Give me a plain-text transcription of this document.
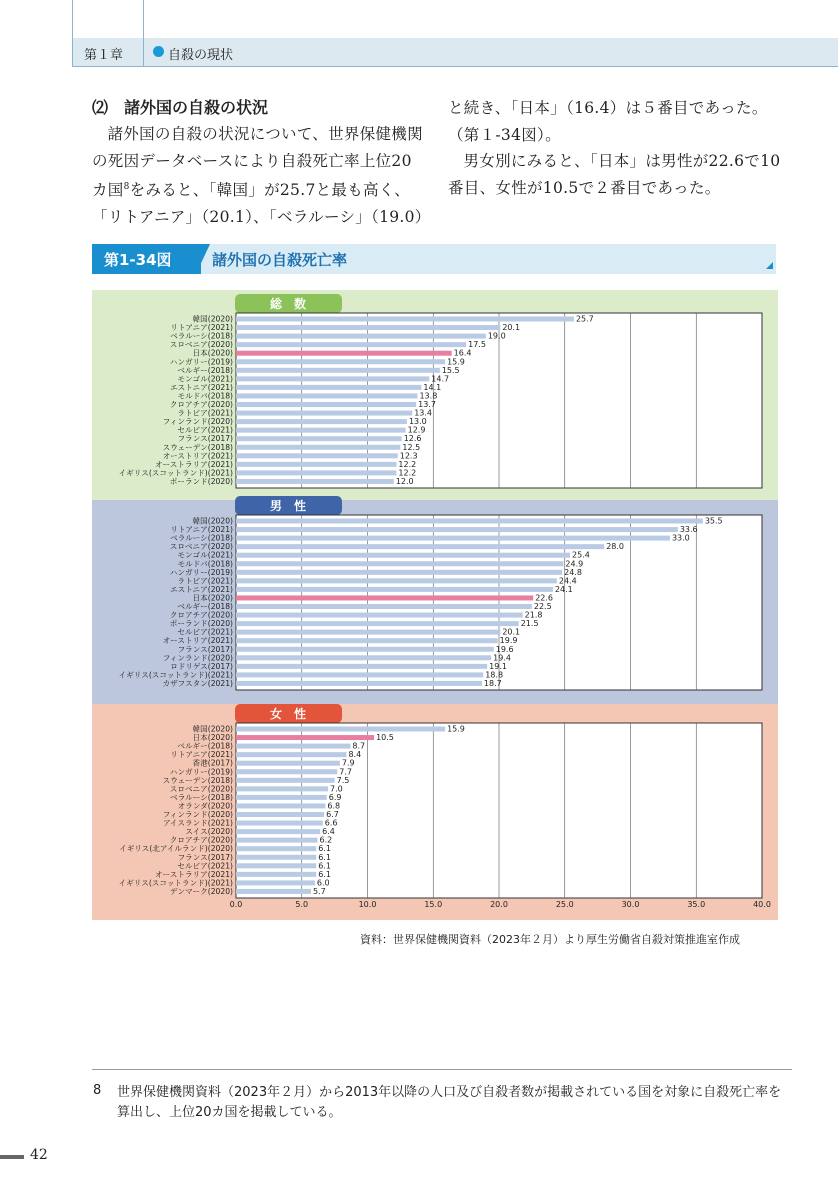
第１章	自殺の現状
⑵　諸外国の自殺の状況

諸外国の自殺の状況について、世界保健機関の死因データベースにより自殺死亡率上位20カ国$^8$をみると、「韓国」が25.7と最も高く、「リトアニア」（20.1）、「ベラルーシ」（19.0）

と続き、「日本」（16.4）は５番目であった。（第１-34図）。

男女別にみると、「日本」は男性が22.6で10番目、女性が10.5で２番目であった。

第1-34図	諸外国の自殺死亡率
総　数
25.7
韓国(2020)
20.1
リトアニア(2021)
19.0
ベラルーシ(2018)
17.5
スロベニア(2020)
16.4
日本(2020)
15.9
ハンガリー(2019)
15.5
ベルギー(2018)
14.7
モンゴル(2021)
14.1
エストニア(2021)
13.8
モルドバ(2018)
13.7
クロアチア(2020)
13.4
ラトビア(2021)
13.0
フィンランド(2020)
12.9
セルビア(2021)
12.6
フランス(2017)
12.5
スウェーデン(2018)
12.3
オーストリア(2021)
12.2
オーストラリア(2021)
12.2
イギリス(スコットランド)(2021)
12.0
ポーランド(2020)
男　性
35.5
韓国(2020)
33.6
リトアニア(2021)
33.0
ベラルーシ(2018)
28.0
スロベニア(2020)
25.4
モンゴル(2021)
24.9
モルドバ(2018)
24.8
ハンガリー(2019)
24.4
ラトビア(2021)
24.1
エストニア(2021)
22.6
日本(2020)
22.5
ベルギー(2018)
21.8
クロアチア(2020)
21.5
ポーランド(2020)
20.1
セルビア(2021)
19.9
オーストリア(2021)
19.6
フランス(2017)
19.4
フィンランド(2020)
19.1
ロドリゲス(2017)
18.8
イギリス(スコットランド)(2021)
18.7
カザフスタン(2021)
女　性
15.9
韓国(2020)
10.5
日本(2020)
8.7
ベルギー(2018)
8.4
リトアニア(2021)
7.9
香港(2017)
7.7
ハンガリー(2019)
7.5
スウェーデン(2018)
7.0
スロベニア(2020)
6.9
ベラルーシ(2018)
6.8
オランダ(2020)
6.7
フィンランド(2020)
6.6
アイスランド(2021)
6.4
スイス(2020)
6.2
クロアチア(2020)
6.1
イギリス(北アイルランド)(2020)
6.1
フランス(2017)
6.1
セルビア(2021)
6.1
オーストラリア(2021)
6.0
イギリス(スコットランド)(2021)
5.7
デンマーク(2020)
0.0	5.0	10.0	15.0	20.0	25.0	30.0	35.0	40.0
資料：世界保健機関資料（2023年２月）より厚生労働省自殺対策推進室作成
8 世界保健機関資料（2023年２月）から2013年以降の人口及び自殺者数が掲載されている国を対象に自殺死亡率を算出し、上位20カ国を掲載している。
42
